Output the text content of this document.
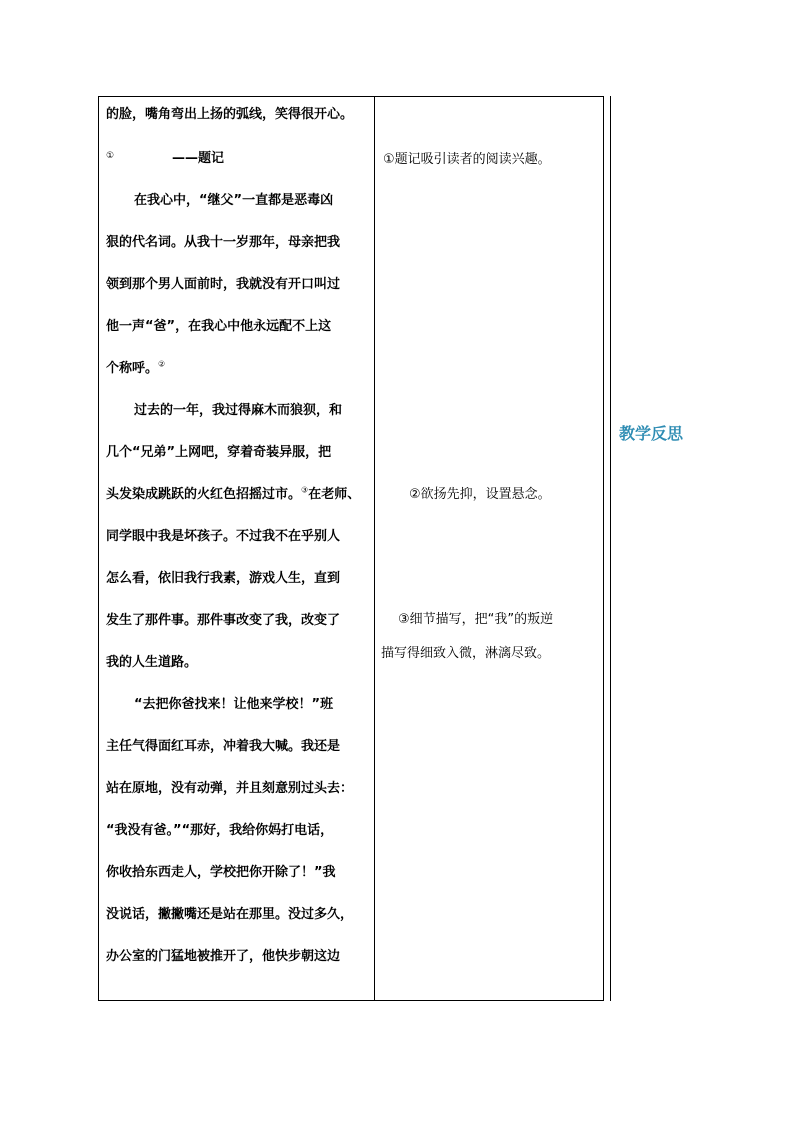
的脸，嘴角弯出上扬的弧线，笑得很开心。
①	——题记
在我心中，“继父”一直都是恶毒凶
狠的代名词。从我十一岁那年，母亲把我
领到那个男人面前时，我就没有开口叫过
他一声“爸”，在我心中他永远配不上这
个称呼。②
过去的一年，我过得麻木而狼狈，和
几个“兄弟”上网吧，穿着奇装异服，把
头发染成跳跃的火红色招摇过市。③在老师、
同学眼中我是坏孩子。不过我不在乎别人
怎么看，依旧我行我素，游戏人生，直到
发生了那件事。那件事改变了我，改变了
我的人生道路。
“去把你爸找来！让他来学校！”班
主任气得面红耳赤，冲着我大喊。我还是
站在原地，没有动弹，并且刻意别过头去：
“我没有爸。”“那好，我给你妈打电话，
你收拾东西走人，学校把你开除了！”我
没说话，撇撇嘴还是站在那里。没过多久，
办公室的门猛地被推开了，他快步朝这边
①题记吸引读者的阅读兴趣。
②欲扬先抑，设置悬念。
③细节描写，把“我”的叛逆
描写得细致入微，淋漓尽致。
教学反思
